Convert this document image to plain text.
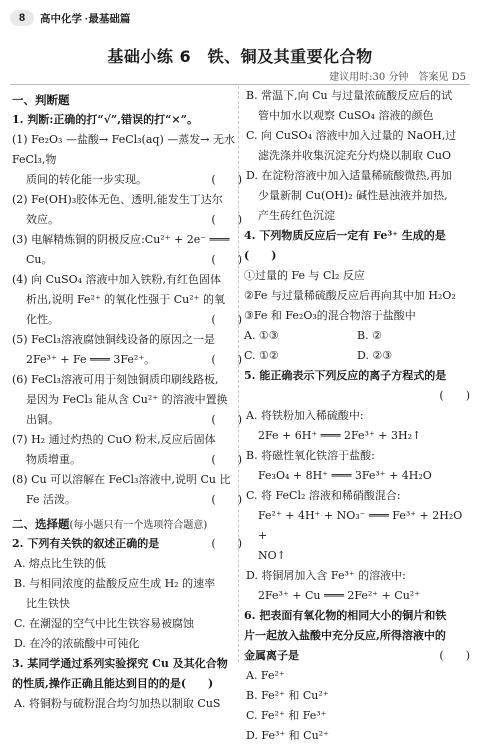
8	高中化学 ·最基础篇
基础小练 6　铁、铜及其重要化合物
建议用时:30 分钟　答案见 D5
一、判断题
1. 判断:正确的打“√”,错误的打“×”。
(1) Fe₂O₃ —盐酸→ FeCl₃(aq) —蒸发→ 无水 FeCl₃,物
质间的转化能一步实现。	(　　)
(2) Fe(OH)₃胶体无色、透明,能发生丁达尔
效应。	(　　)
(3) 电解精炼铜的阴极反应:Cu²⁺ + 2e⁻ ═══
Cu。	(　　)
(4) 向 CuSO₄ 溶液中加入铁粉,有红色固体
析出,说明 Fe²⁺ 的氧化性强于 Cu²⁺ 的氧
化性。	(　　)
(5) FeCl₃溶液腐蚀铜线设备的原因之一是
2Fe³⁺ + Fe ═══ 3Fe²⁺。	(　　)
(6) FeCl₃溶液可用于刻蚀铜质印刷线路板,
是因为 FeCl₃ 能从含 Cu²⁺ 的溶液中置换
出铜。	(　　)
(7) H₂ 通过灼热的 CuO 粉末,反应后固体
物质增重。	(　　)
(8) Cu 可以溶解在 FeCl₃溶液中,说明 Cu 比
Fe 活泼。	(　　)
二、选择题(每小题只有一个选项符合题意)
2. 下列有关铁的叙述正确的是	(　　)
A. 熔点比生铁的低
B. 与相同浓度的盐酸反应生成 H₂ 的速率
比生铁快
C. 在潮湿的空气中比生铁容易被腐蚀
D. 在冷的浓硫酸中可钝化
3. 某同学通过系列实验探究 Cu 及其化合物
的性质,操作正确且能达到目的的是(　　)
A. 将铜粉与硫粉混合均匀加热以制取 CuS
B. 常温下,向 Cu 与过量浓硫酸反应后的试
管中加水以观察 CuSO₄ 溶液的颜色
C. 向 CuSO₄ 溶液中加入过量的 NaOH,过
滤洗涤并收集沉淀充分灼烧以制取 CuO
D. 在淀粉溶液中加入适量稀硫酸微热,再加
少量新制 Cu(OH)₂ 碱性悬浊液并加热,
产生砖红色沉淀
4. 下列物质反应后一定有 Fe³⁺ 生成的是(　　)
①过量的 Fe 与 Cl₂ 反应
②Fe 与过量稀硫酸反应后再向其中加 H₂O₂
③Fe 和 Fe₂O₃的混合物溶于盐酸中
A. ①③	B. ②
C. ①②	D. ②③
5. 能正确表示下列反应的离子方程式的是
(　　)
A. 将铁粉加入稀硫酸中:
2Fe + 6H⁺ ═══ 2Fe³⁺ + 3H₂↑
B. 将磁性氧化铁溶于盐酸:
Fe₃O₄ + 8H⁺ ═══ 3Fe³⁺ + 4H₂O
C. 将 FeCl₂ 溶液和稀硝酸混合:
Fe²⁺ + 4H⁺ + NO₃⁻ ═══ Fe³⁺ + 2H₂O +
NO↑
D. 将铜屑加入含 Fe³⁺ 的溶液中:
2Fe³⁺ + Cu ═══ 2Fe²⁺ + Cu²⁺
6. 把表面有氧化物的相同大小的铜片和铁
片一起放入盐酸中充分反应,所得溶液中的
金属离子是	(　　)
A. Fe²⁺
B. Fe²⁺ 和 Cu²⁺
C. Fe²⁺ 和 Fe³⁺
D. Fe³⁺ 和 Cu²⁺
